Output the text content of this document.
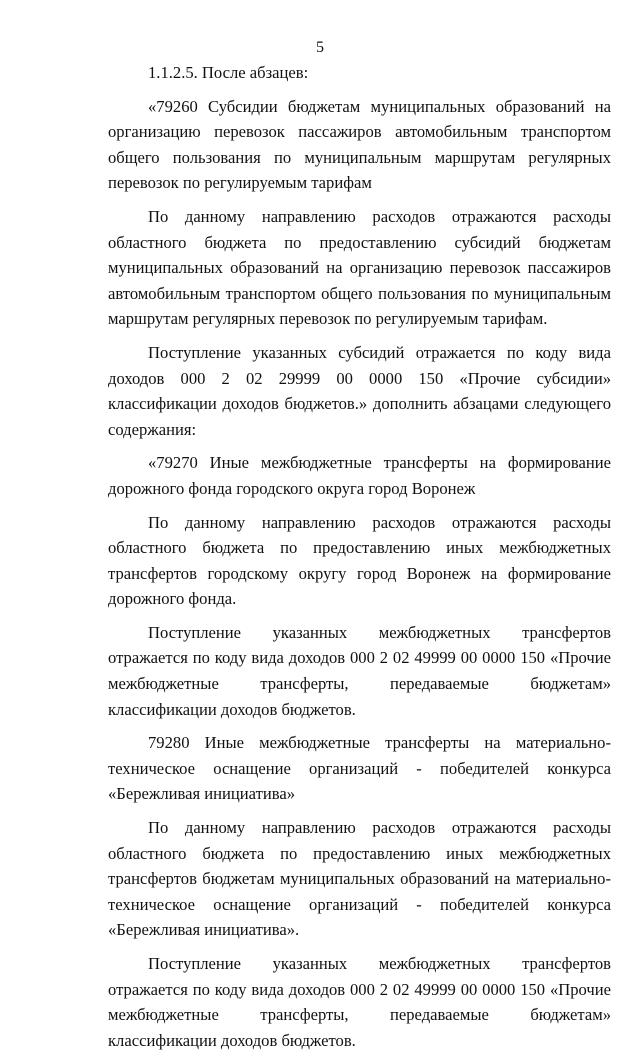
5

1.1.2.5. После абзацев:

«79260 Субсидии бюджетам муниципальных образований на организацию перевозок пассажиров автомобильным транспортом общего пользования по муниципальным маршрутам регулярных перевозок по регулируемым тарифам

По данному направлению расходов отражаются расходы областного бюджета по предоставлению субсидий бюджетам муниципальных образований на организацию перевозок пассажиров автомобильным транспортом общего пользования по муниципальным маршрутам регулярных перевозок по регулируемым тарифам.

Поступление указанных субсидий отражается по коду вида доходов 000 2 02 29999 00 0000 150 «Прочие субсидии» классификации доходов бюджетов.» дополнить абзацами следующего содержания:

«79270 Иные межбюджетные трансферты на формирование дорожного фонда городского округа город Воронеж

По данному направлению расходов отражаются расходы областного бюджета по предоставлению иных межбюджетных трансфертов городскому округу город Воронеж на формирование дорожного фонда.

Поступление указанных межбюджетных трансфертов отражается по коду вида доходов 000 2 02 49999 00 0000 150 «Прочие межбюджетные трансферты, передаваемые бюджетам» классификации доходов бюджетов.

79280 Иные межбюджетные трансферты на материально-техническое оснащение организаций - победителей конкурса «Бережливая инициатива»

По данному направлению расходов отражаются расходы областного бюджета по предоставлению иных межбюджетных трансфертов бюджетам муниципальных образований на материально-техническое оснащение организаций - победителей конкурса «Бережливая инициатива».

Поступление указанных межбюджетных трансфертов отражается по коду вида доходов 000 2 02 49999 00 0000 150 «Прочие межбюджетные трансферты, передаваемые бюджетам» классификации доходов бюджетов.
